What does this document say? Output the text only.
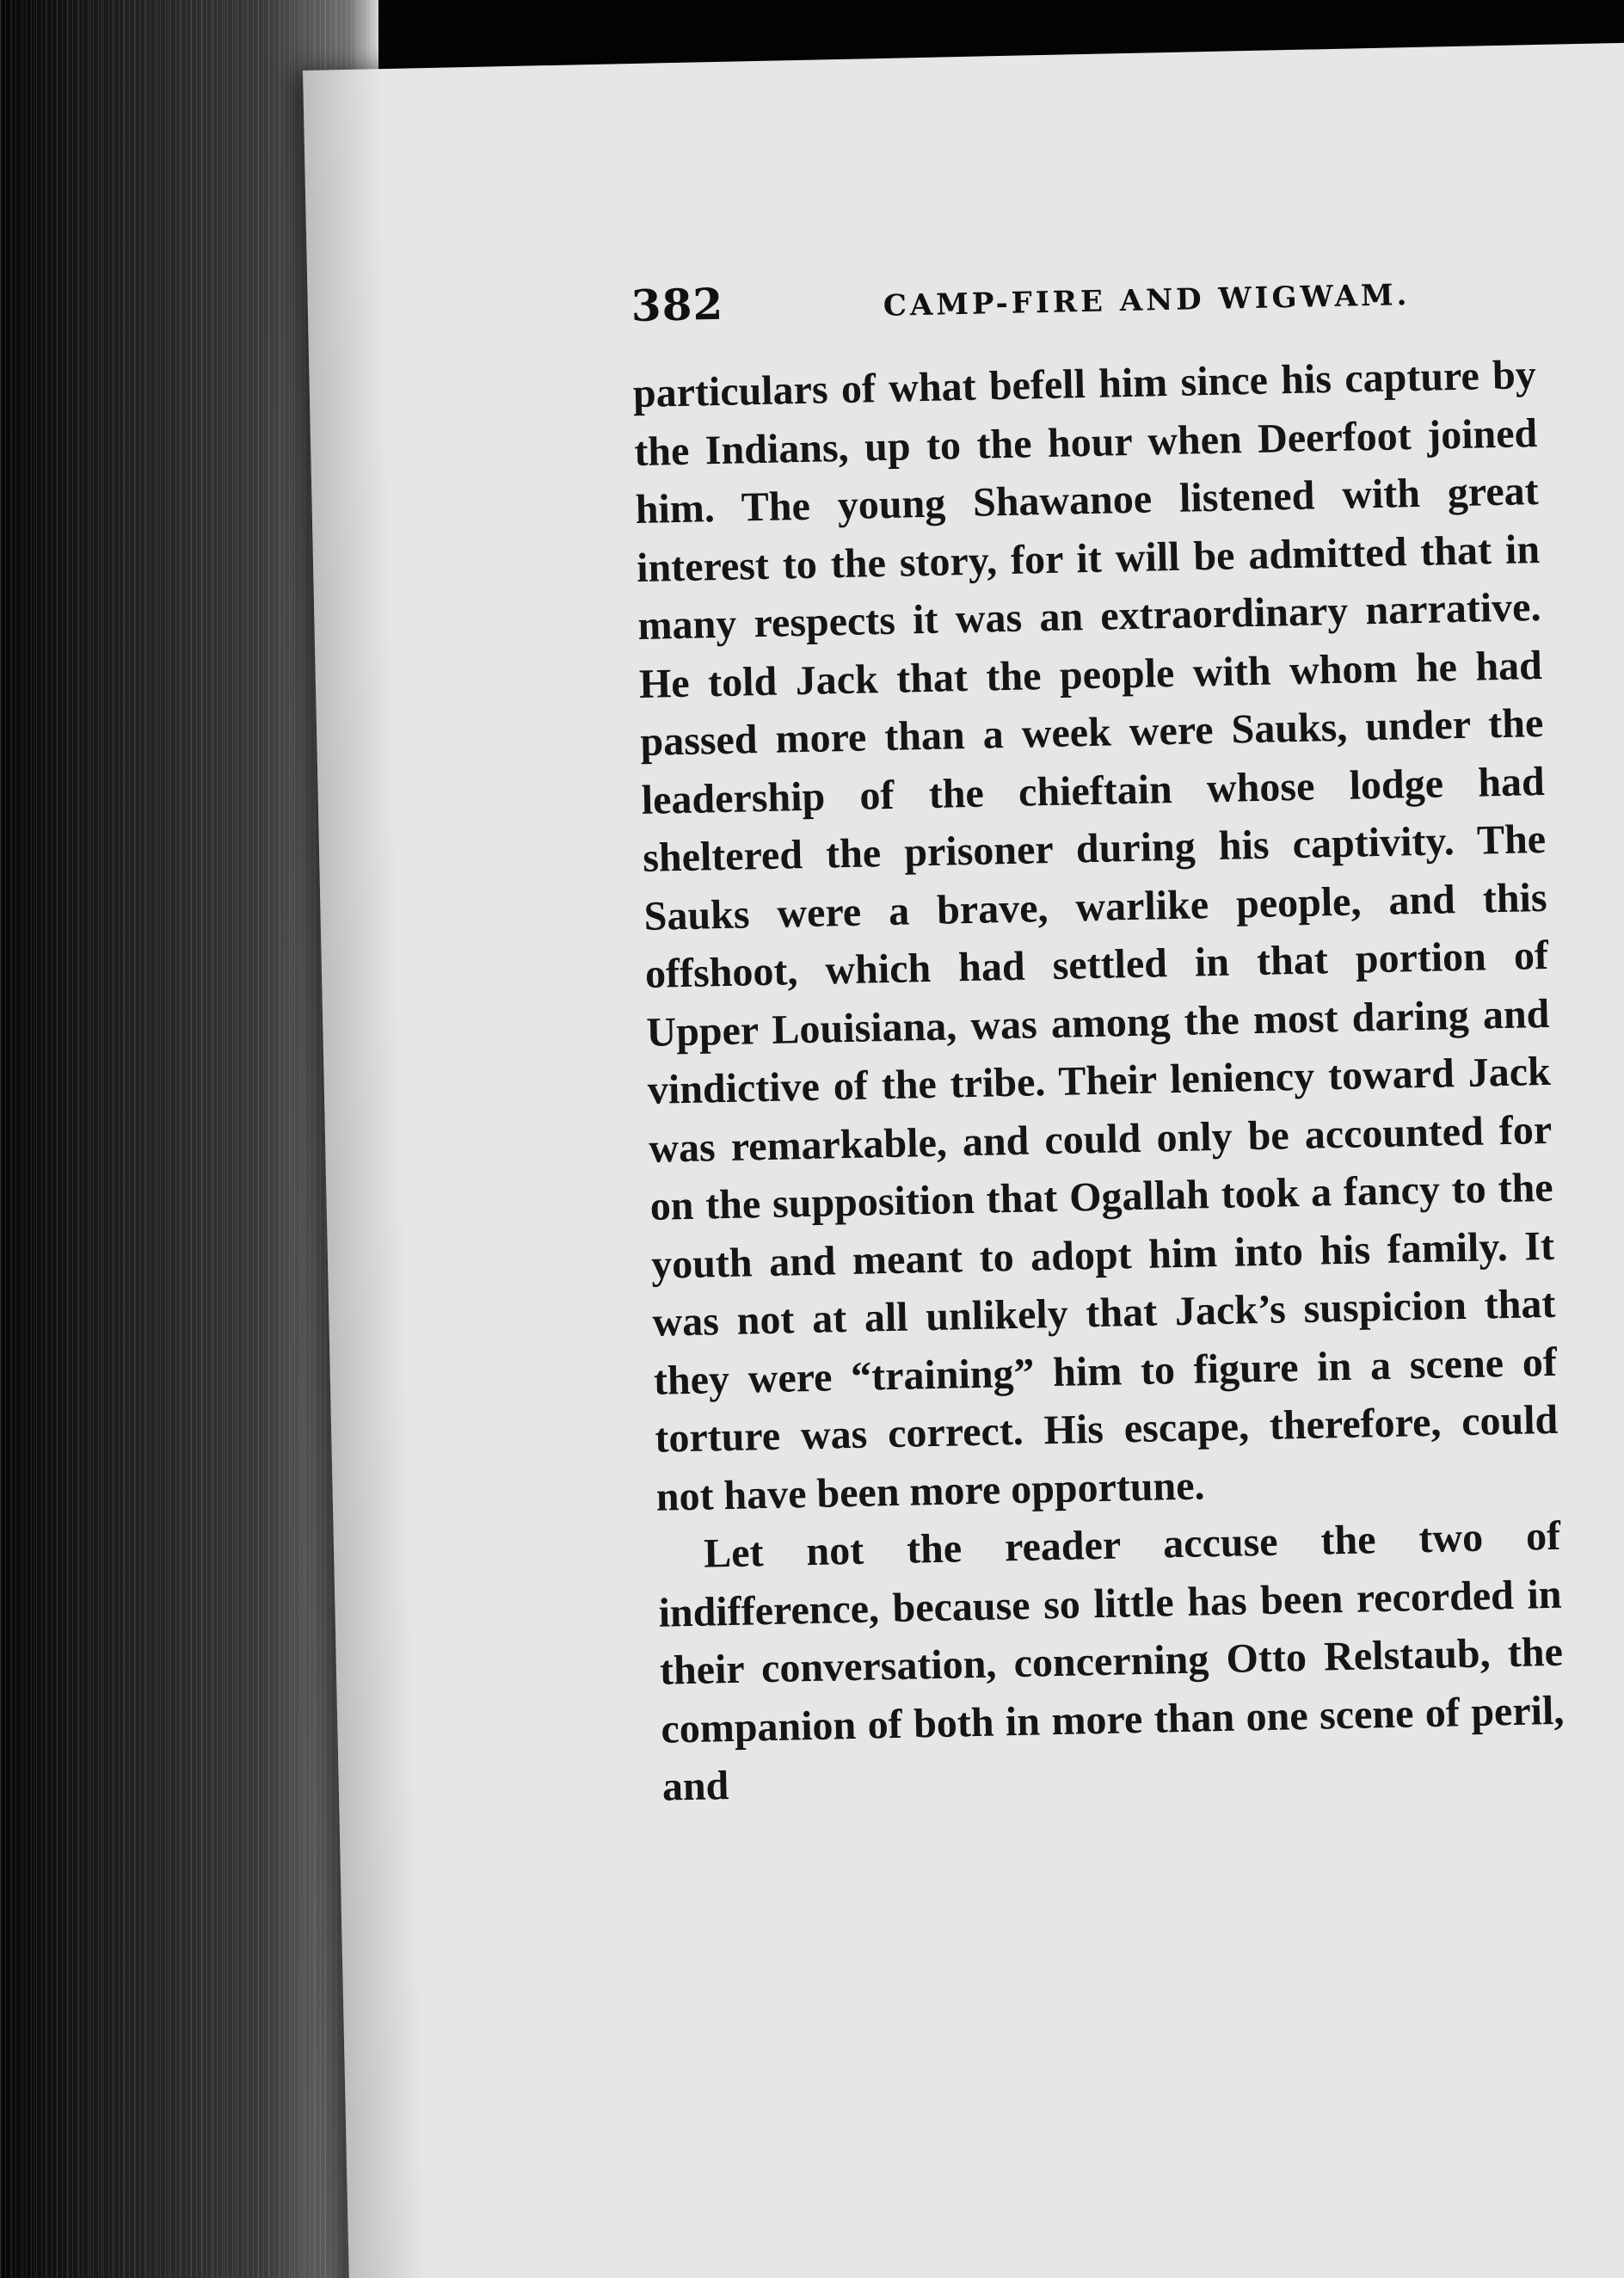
382	CAMP-FIRE AND WIGWAM.

particulars of what befell him since his capture by the Indians, up to the hour when Deerfoot joined him. The young Shawanoe listened with great interest to the story, for it will be admitted that in many respects it was an extraordinary narrative. He told Jack that the people with whom he had passed more than a week were Sauks, under the leadership of the chieftain whose lodge had sheltered the prisoner during his captivity. The Sauks were a brave, warlike people, and this offshoot, which had settled in that portion of Upper Louisiana, was among the most daring and vindictive of the tribe. Their leniency toward Jack was remarkable, and could only be accounted for on the supposition that Ogallah took a fancy to the youth and meant to adopt him into his family. It was not at all unlikely that Jack’s suspicion that they were “training” him to figure in a scene of torture was correct. His escape, therefore, could not have been more opportune.

Let not the reader accuse the two of indifference, because so little has been recorded in their conversation, concerning Otto Relstaub, the companion of both in more than one scene of peril, and
